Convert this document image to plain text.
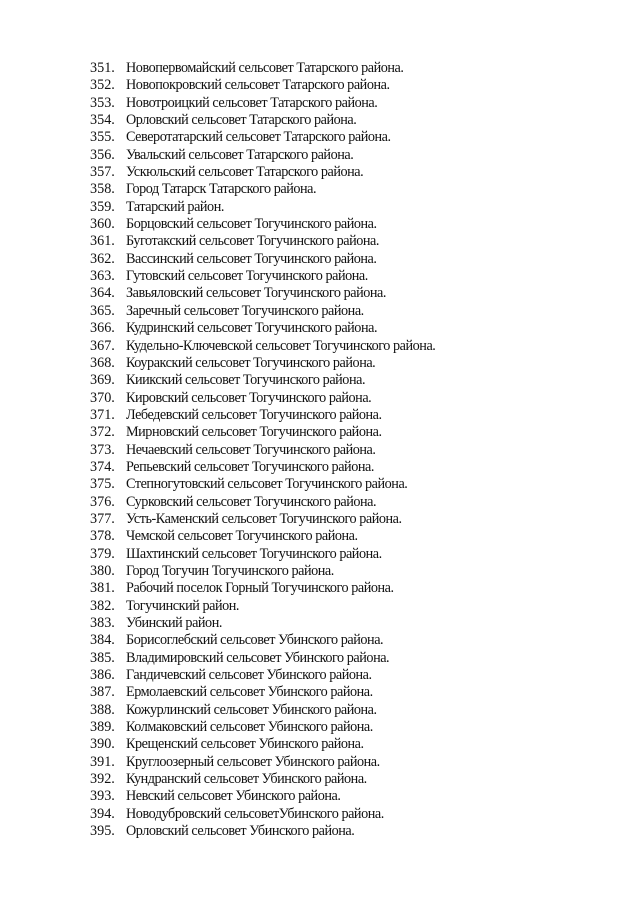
351. Новопервомайский сельсовет Татарского района.
352. Новопокровский сельсовет Татарского района.
353. Новотроицкий сельсовет Татарского района.
354. Орловский сельсовет Татарского района.
355. Северотатарский сельсовет Татарского района.
356. Увальский сельсовет Татарского района.
357. Ускюльский сельсовет Татарского района.
358. Город Татарск Татарского района.
359. Татарский район.
360. Борцовский сельсовет Тогучинского района.
361. Буготакский сельсовет Тогучинского района.
362. Вассинский сельсовет Тогучинского района.
363. Гутовский сельсовет Тогучинского района.
364. Завьяловский сельсовет Тогучинского района.
365. Заречный сельсовет Тогучинского района.
366. Кудринский сельсовет Тогучинского района.
367. Кудельно-Ключевской сельсовет Тогучинского района.
368. Коуракский сельсовет Тогучинского района.
369. Киикский сельсовет Тогучинского района.
370. Кировский сельсовет Тогучинского района.
371. Лебедевский сельсовет Тогучинского района.
372. Мирновский сельсовет Тогучинского района.
373. Нечаевский сельсовет Тогучинского района.
374. Репьевский сельсовет Тогучинского района.
375. Степногутовский сельсовет Тогучинского района.
376. Сурковский сельсовет Тогучинского района.
377. Усть-Каменский сельсовет Тогучинского района.
378. Чемской сельсовет Тогучинского района.
379. Шахтинский сельсовет Тогучинского района.
380. Город Тогучин Тогучинского района.
381. Рабочий поселок Горный Тогучинского района.
382. Тогучинский район.
383. Убинский район.
384. Борисоглебский сельсовет Убинского района.
385. Владимировский сельсовет Убинского района.
386. Гандичевский сельсовет Убинского района.
387. Ермолаевский сельсовет Убинского района.
388. Кожурлинский сельсовет Убинского района.
389. Колмаковский сельсовет Убинского района.
390. Крещенский сельсовет Убинского района.
391. Круглоозерный сельсовет Убинского района.
392. Кундранский сельсовет Убинского района.
393. Невский сельсовет Убинского района.
394. Новодубровский сельсоветУбинского района.
395. Орловский сельсовет Убинского района.
